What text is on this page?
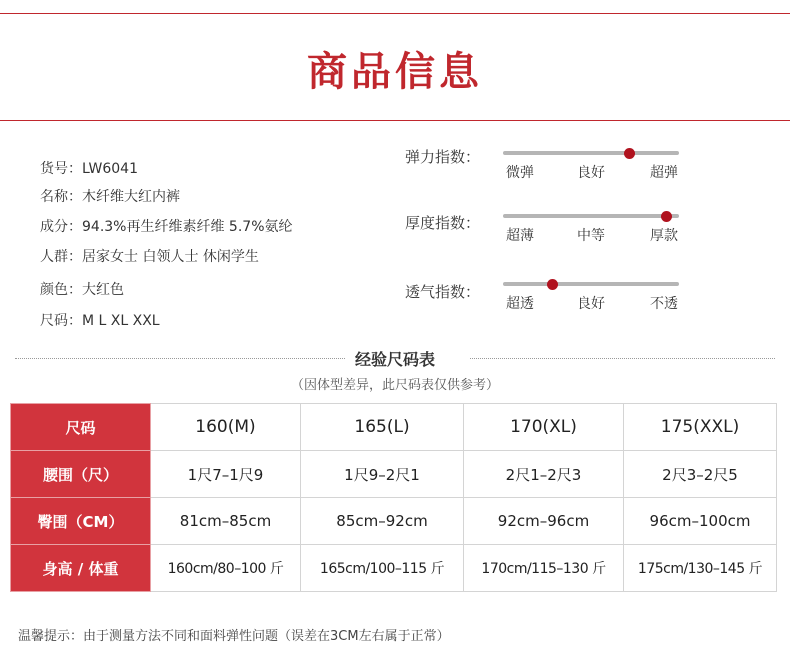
商品信息
货号：LW6041
名称：木纤维大红内裤
成分：94.3%再生纤维素纤维 5.7%氨纶
人群：居家女士 白领人士 休闲学生
颜色：大红色
尺码：M L XL XXL
弹力指数：
微弹	良好	超弹
厚度指数：
超薄	中等	厚款
透气指数：
超透	良好	不透
经验尺码表
（因体型差异，此尺码表仅供参考）
尺码	160(M)	165(L)	170(XL)	175(XXL)
腰围（尺）	1尺7–1尺9	1尺9–2尺1	2尺1–2尺3	2尺3–2尺5
臀围（CM）	81cm–85cm	85cm–92cm	92cm–96cm	96cm–100cm
身高 / 体重	160cm/80–100 斤	165cm/100–115 斤	170cm/115–130 斤	175cm/130–145 斤
温馨提示：由于测量方法不同和面料弹性问题（误差在3CM左右属于正常）
